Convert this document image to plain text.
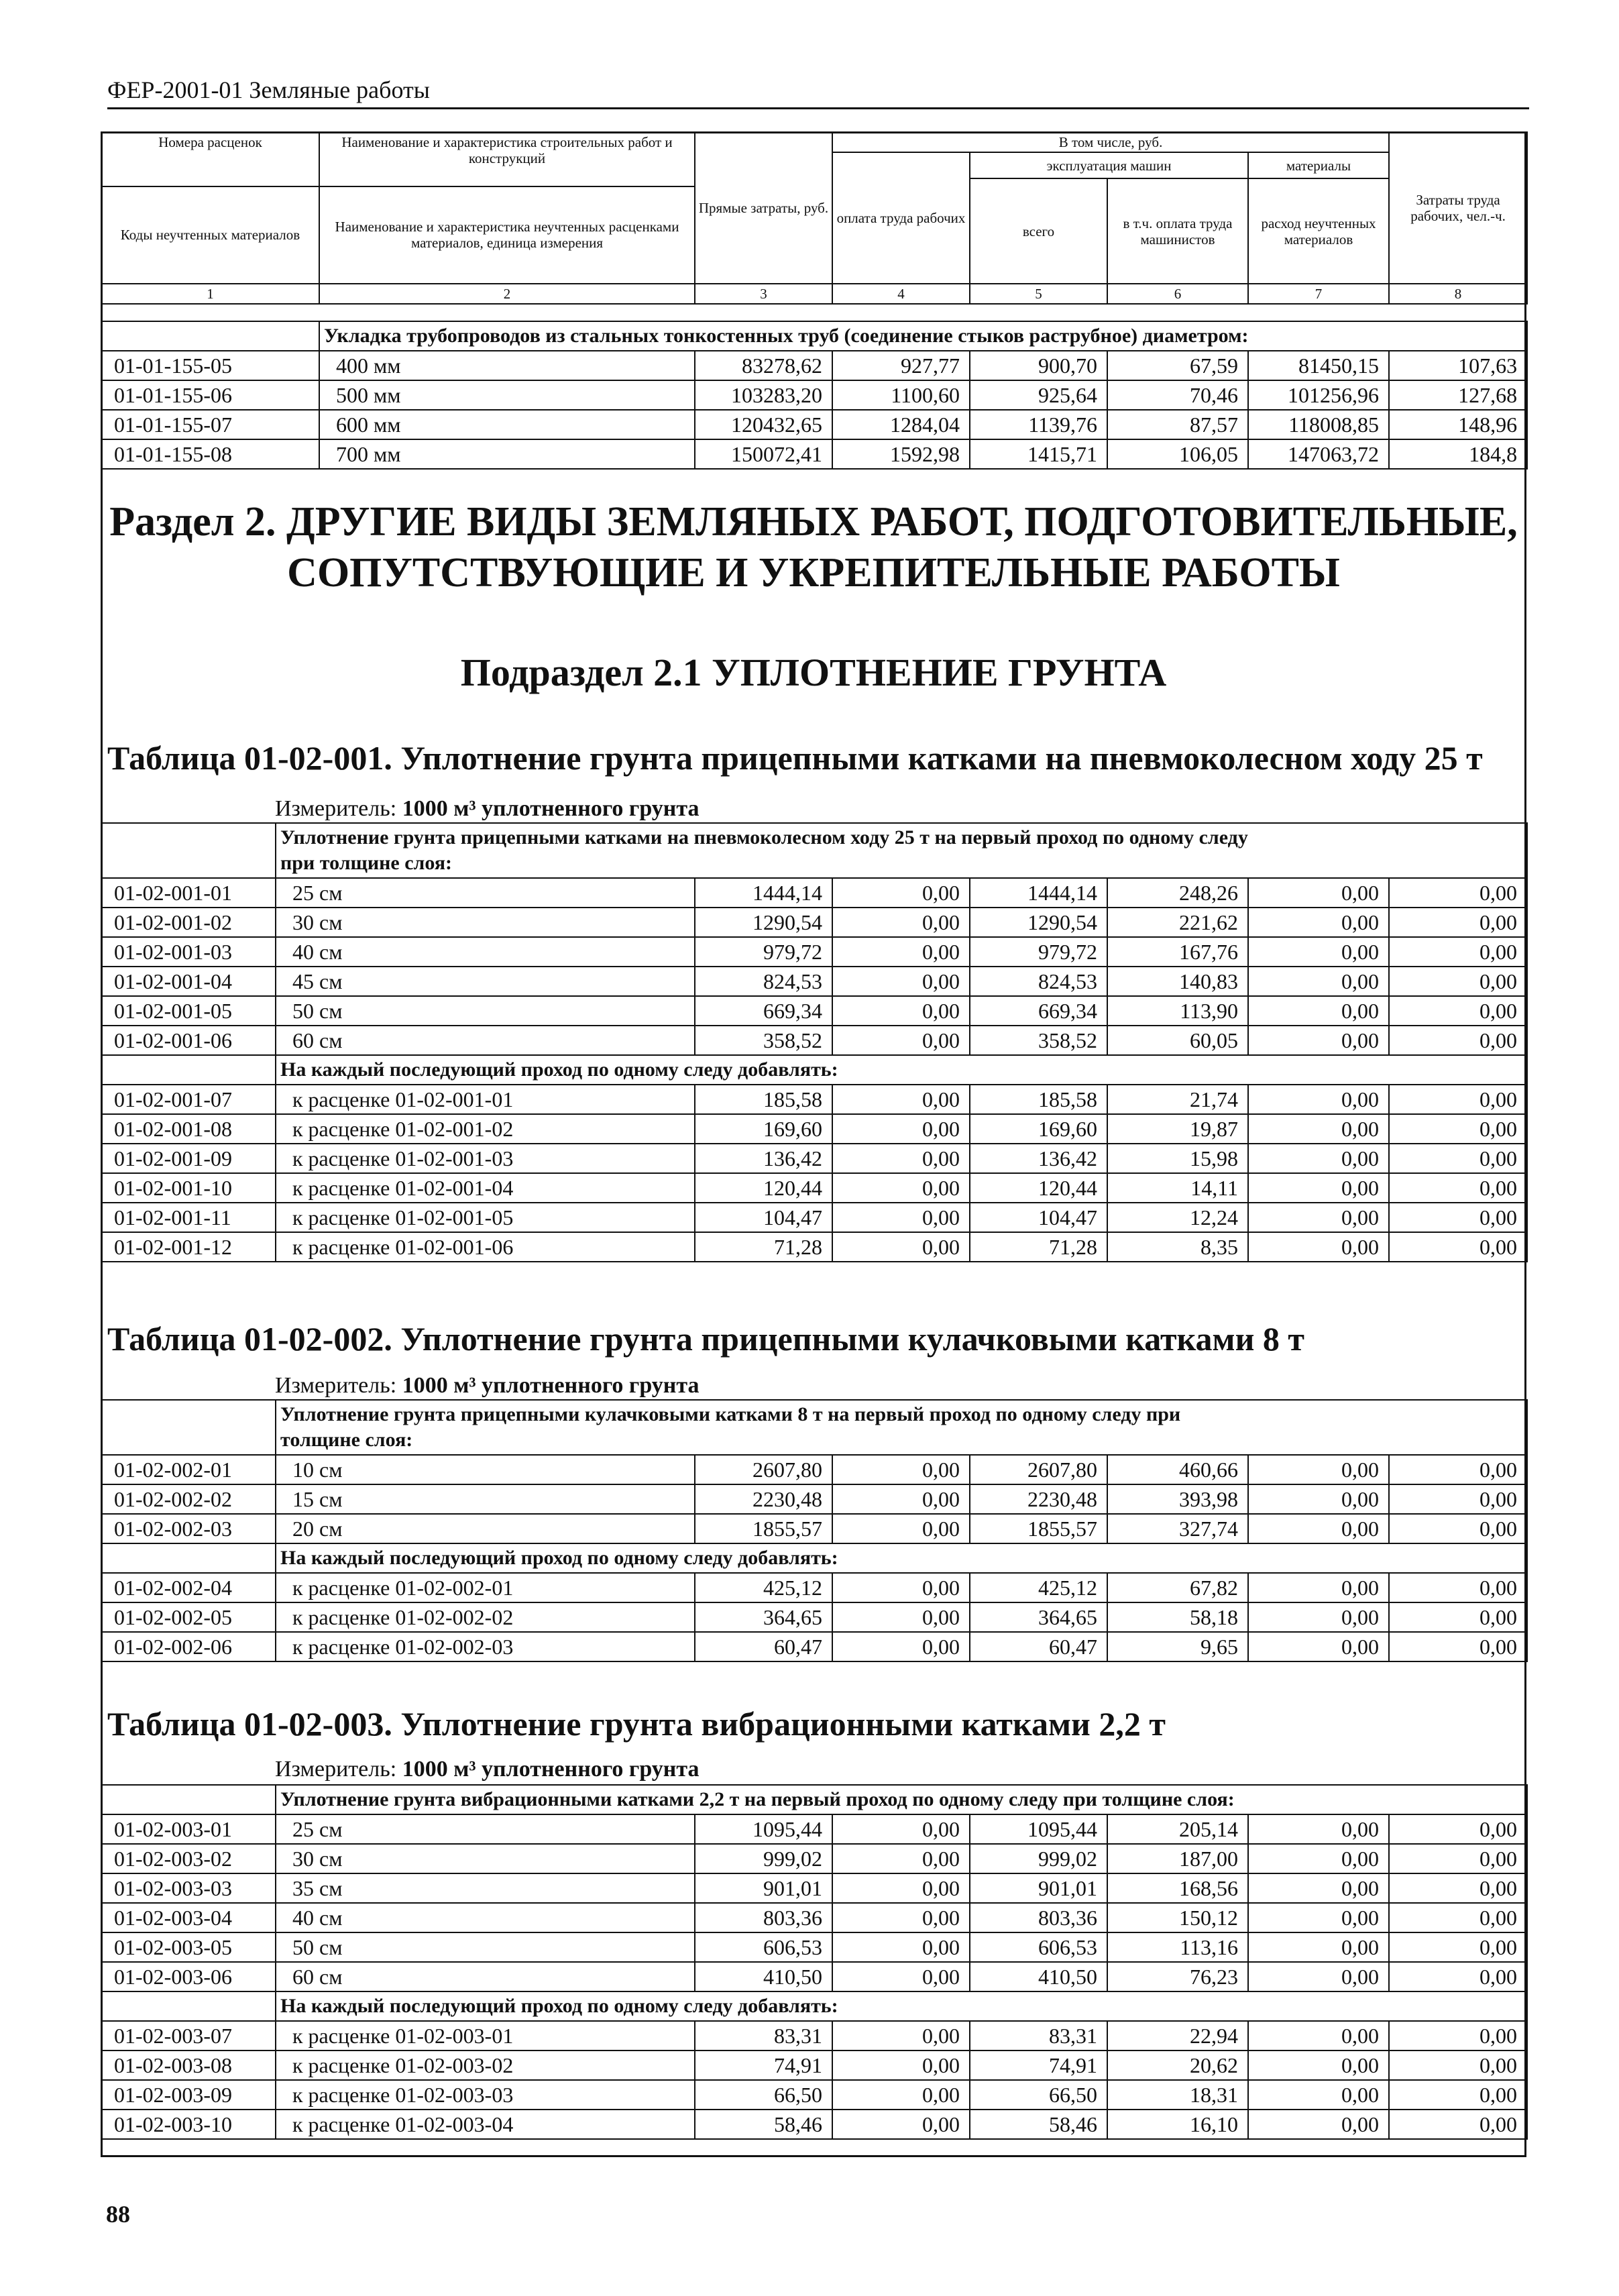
ФЕР-2001-01 Земляные работы
Номера расценок	Наименование и характеристика строительных работ и конструкций	Прямые затраты, руб.	В том числе, руб.				Затраты труда рабочих, чел.-ч.
			оплата труда рабочих	эксплуатация машин		материалы	
				всего	в т.ч. оплата труда машинистов	расход неучтенных материалов	
Коды неучтенных материалов	Наименование и характеристика неучтенных расценками материалов, единица измерения						

1	2	3	4	5	6	7	8
	Укладка трубопроводов из стальных тонкостенных труб (соединение стыков раструбное) диаметром:						
01-01-155-05	400 мм	83278,62	927,77	900,70	67,59	81450,15	107,63
01-01-155-06	500 мм	103283,20	1100,60	925,64	70,46	101256,96	127,68
01-01-155-07	600 мм	120432,65	1284,04	1139,76	87,57	118008,85	148,96
01-01-155-08	700 мм	150072,41	1592,98	1415,71	106,05	147063,72	184,8
Раздел 2. ДРУГИЕ ВИДЫ ЗЕМЛЯНЫХ РАБОТ, ПОДГОТОВИТЕЛЬНЫЕ,
СОПУТСТВУЮЩИЕ И УКРЕПИТЕЛЬНЫЕ РАБОТЫ
Подраздел 2.1 УПЛОТНЕНИЕ ГРУНТА
Таблица 01-02-001. Уплотнение грунта прицепными катками на пневмоколесном ходу 25 т
Измеритель: 1000 м³ уплотненного грунта
	Уплотнение грунта прицепными катками на пневмоколесном ходу 25 т на первый проход по одному следу
при толщине слоя:						
01-02-001-01	25 см	1444,14	0,00	1444,14	248,26	0,00	0,00
01-02-001-02	30 см	1290,54	0,00	1290,54	221,62	0,00	0,00
01-02-001-03	40 см	979,72	0,00	979,72	167,76	0,00	0,00
01-02-001-04	45 см	824,53	0,00	824,53	140,83	0,00	0,00
01-02-001-05	50 см	669,34	0,00	669,34	113,90	0,00	0,00
01-02-001-06	60 см	358,52	0,00	358,52	60,05	0,00	0,00
	На каждый последующий проход по одному следу добавлять:						
01-02-001-07	к расценке 01-02-001-01	185,58	0,00	185,58	21,74	0,00	0,00
01-02-001-08	к расценке 01-02-001-02	169,60	0,00	169,60	19,87	0,00	0,00
01-02-001-09	к расценке 01-02-001-03	136,42	0,00	136,42	15,98	0,00	0,00
01-02-001-10	к расценке 01-02-001-04	120,44	0,00	120,44	14,11	0,00	0,00
01-02-001-11	к расценке 01-02-001-05	104,47	0,00	104,47	12,24	0,00	0,00
01-02-001-12	к расценке 01-02-001-06	71,28	0,00	71,28	8,35	0,00	0,00
Таблица 01-02-002. Уплотнение грунта прицепными кулачковыми катками 8 т
Измеритель: 1000 м³ уплотненного грунта
	Уплотнение грунта прицепными кулачковыми катками 8 т на первый проход по одному следу при
толщине слоя:						
01-02-002-01	10 см	2607,80	0,00	2607,80	460,66	0,00	0,00
01-02-002-02	15 см	2230,48	0,00	2230,48	393,98	0,00	0,00
01-02-002-03	20 см	1855,57	0,00	1855,57	327,74	0,00	0,00
	На каждый последующий проход по одному следу добавлять:						
01-02-002-04	к расценке 01-02-002-01	425,12	0,00	425,12	67,82	0,00	0,00
01-02-002-05	к расценке 01-02-002-02	364,65	0,00	364,65	58,18	0,00	0,00
01-02-002-06	к расценке 01-02-002-03	60,47	0,00	60,47	9,65	0,00	0,00
Таблица 01-02-003. Уплотнение грунта вибрационными катками 2,2 т
Измеритель: 1000 м³ уплотненного грунта
	Уплотнение грунта вибрационными катками 2,2 т на первый проход по одному следу при толщине слоя:						
01-02-003-01	25 см	1095,44	0,00	1095,44	205,14	0,00	0,00
01-02-003-02	30 см	999,02	0,00	999,02	187,00	0,00	0,00
01-02-003-03	35 см	901,01	0,00	901,01	168,56	0,00	0,00
01-02-003-04	40 см	803,36	0,00	803,36	150,12	0,00	0,00
01-02-003-05	50 см	606,53	0,00	606,53	113,16	0,00	0,00
01-02-003-06	60 см	410,50	0,00	410,50	76,23	0,00	0,00
	На каждый последующий проход по одному следу добавлять:						
01-02-003-07	к расценке 01-02-003-01	83,31	0,00	83,31	22,94	0,00	0,00
01-02-003-08	к расценке 01-02-003-02	74,91	0,00	74,91	20,62	0,00	0,00
01-02-003-09	к расценке 01-02-003-03	66,50	0,00	66,50	18,31	0,00	0,00
01-02-003-10	к расценке 01-02-003-04	58,46	0,00	58,46	16,10	0,00	0,00
88
